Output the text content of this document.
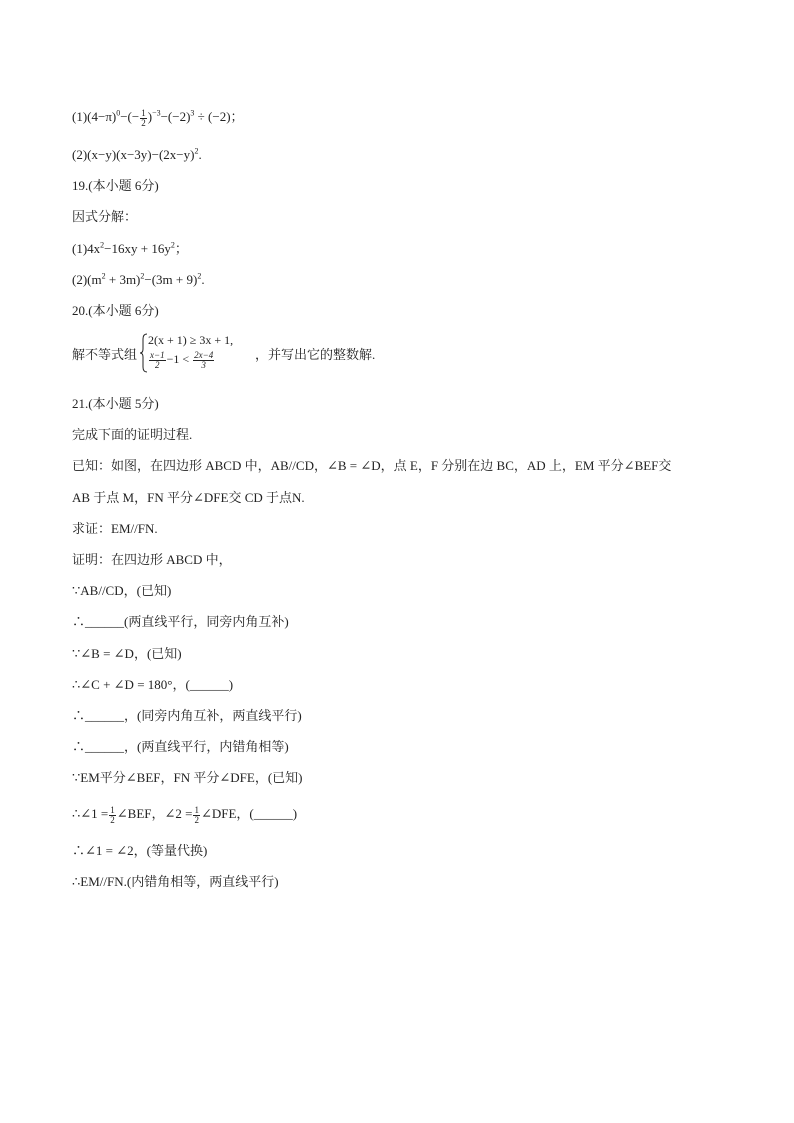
$(1)(4-\pi)^0-(- \frac{1}{2} )^{-3}-(-2)^3 \div (-2)$；
$(2)(x-y)(x-3y)-(2x-y)^2$.
19.(本小题 6分)
因式分解：
$(1)4x^2-16xy + 16y^2$；
$(2)(m^2 + 3m)^2-(3m + 9)^2$.
20.(本小题 6分)
解不等式组
2(x + 1) ≥ 3x + 1,
$\frac{x-1}{2} -1 < \frac{2x-4}{3}$	，并写出它的整数解.
21.(本小题 5分)
完成下面的证明过程.
已知：如图，在四边形 ABCD 中，AB//CD，∠B = ∠D，点 E，F 分别在边 BC，AD 上，EM 平分∠BEF交
AB 于点 M，FN 平分∠DFE交 CD 于点N.
求证：EM//FN.
证明：在四边形 ABCD 中，
∵AB//CD，(已知)
∴______(两直线平行，同旁内角互补)
∵∠B = ∠D，(已知)
∴∠C + ∠D = 180°，(______)
∴______，(同旁内角互补，两直线平行)
∴______，(两直线平行，内错角相等)
∵EM平分∠BEF，FN 平分∠DFE，(已知)
∴∠1 = $\frac{1}{2}$ ∠BEF，∠2 = $\frac{1}{2}$ ∠DFE，(______)
∴∠1 = ∠2，(等量代换)
∴EM//FN.(内错角相等，两直线平行)
